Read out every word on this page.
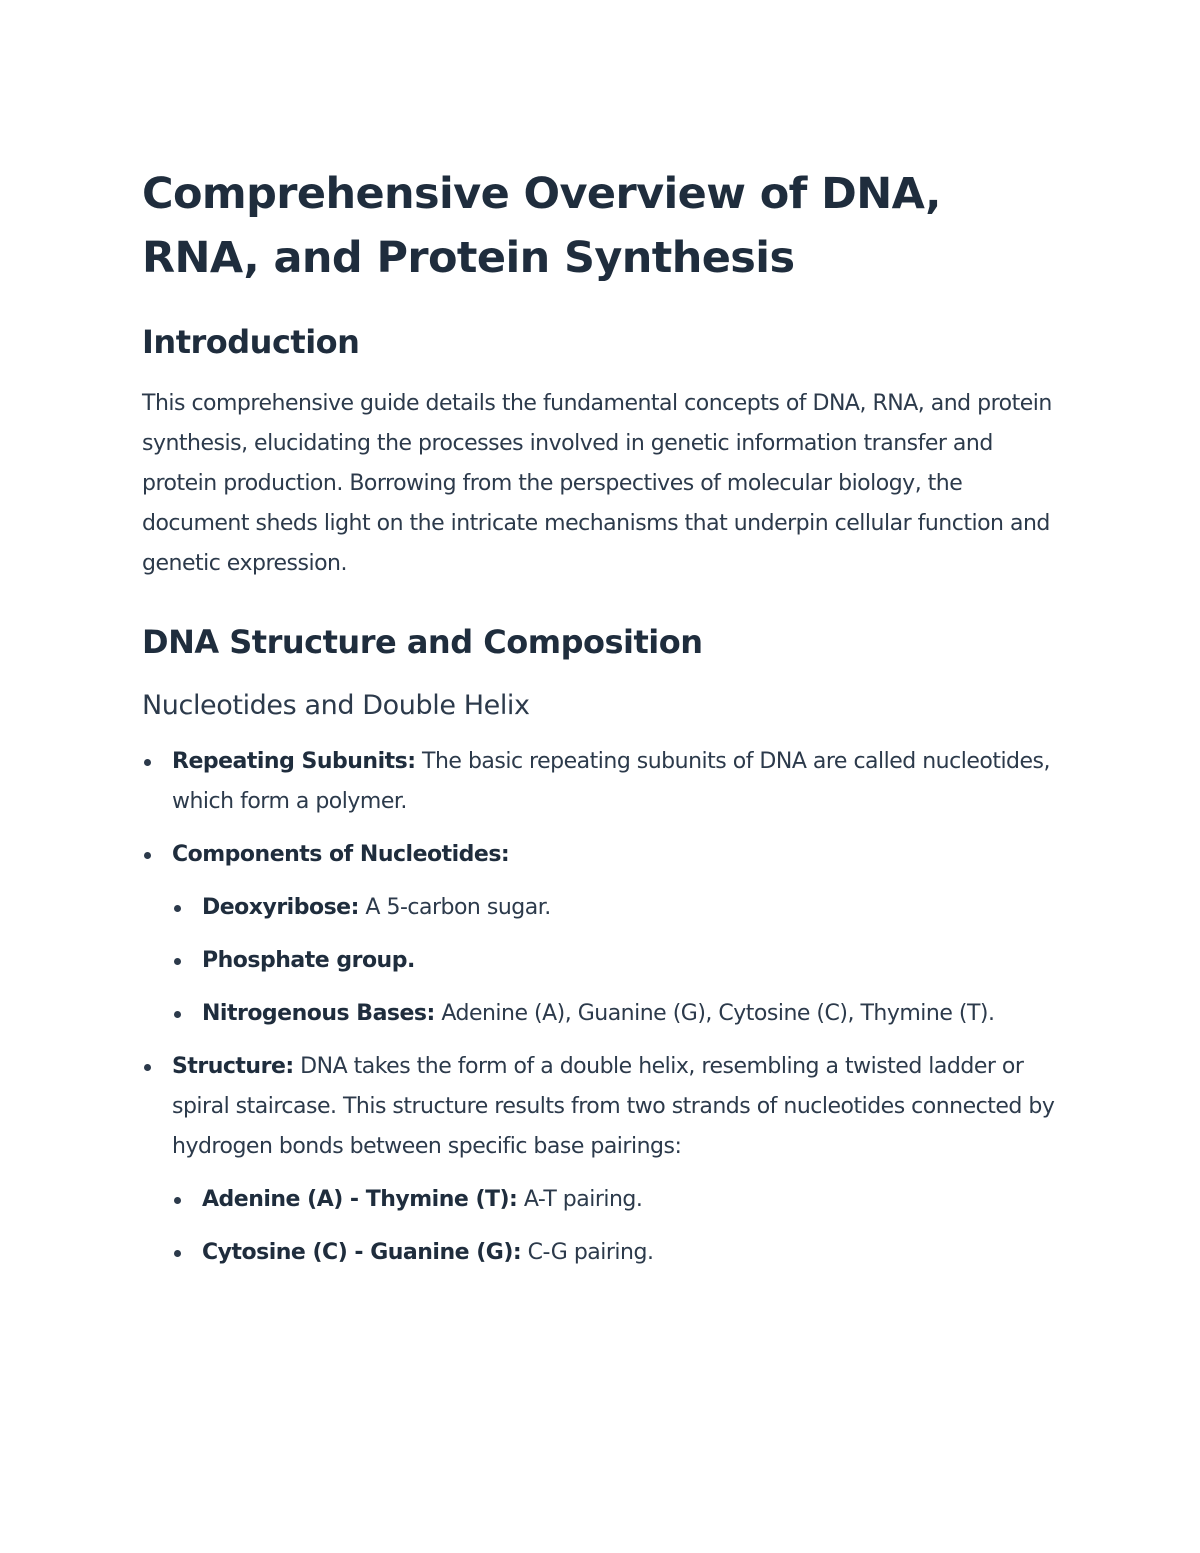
Comprehensive Overview of DNA, RNA, and Protein Synthesis
Introduction

This comprehensive guide details the fundamental concepts of DNA, RNA, and protein synthesis, elucidating the processes involved in genetic information transfer and protein production. Borrowing from the perspectives of molecular biology, the document sheds light on the intricate mechanisms that underpin cellular function and genetic expression.

DNA Structure and Composition
Nucleotides and Double Helix
Repeating Subunits: The basic repeating subunits of DNA are called nucleotides, which form a polymer.
Components of Nucleotides:
Deoxyribose: A 5-carbon sugar.
Phosphate group.
Nitrogenous Bases: Adenine (A), Guanine (G), Cytosine (C), Thymine (T).
Structure: DNA takes the form of a double helix, resembling a twisted ladder or spiral staircase. This structure results from two strands of nucleotides connected by hydrogen bonds between specific base pairings:
Adenine (A) - Thymine (T): A-T pairing.
Cytosine (C) - Guanine (G): C-G pairing.
